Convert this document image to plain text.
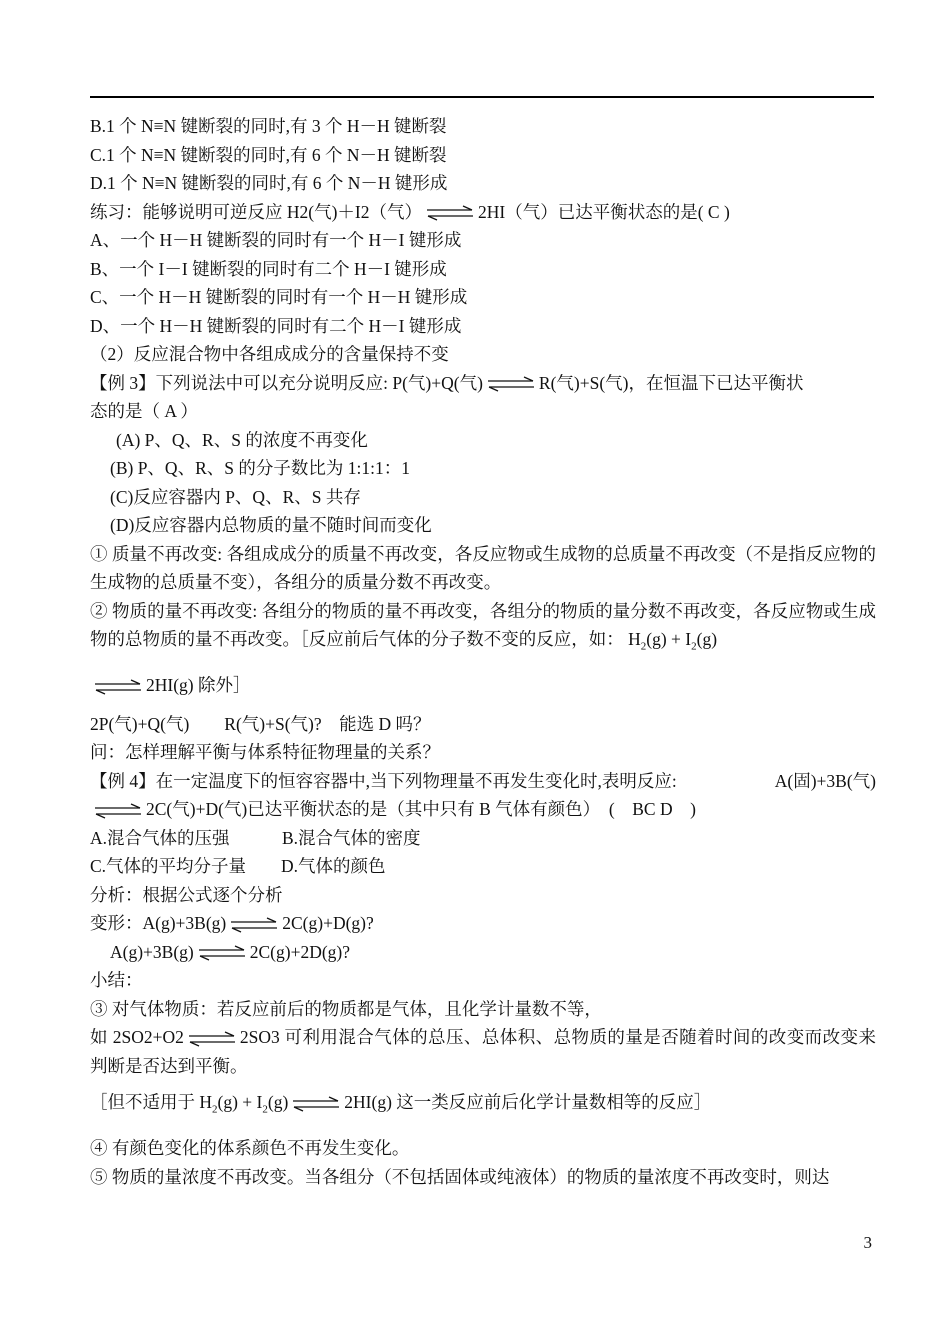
B.1 个 N≡N 键断裂的同时,有 3 个 H－H 键断裂
C.1 个 N≡N 键断裂的同时,有 6 个 N－H 键断裂
D.1 个 N≡N 键断裂的同时,有 6 个 N－H 键形成
练习：能够说明可逆反应 H2(气)＋I2（气）	2HI（气）已达平衡状态的是( C )
A、一个 H－H 键断裂的同时有一个 H－I 键形成
B、一个 I－I 键断裂的同时有二个 H－I 键形成
C、一个 H－H 键断裂的同时有一个 H－H 键形成
D、一个 H－H 键断裂的同时有二个 H－I 键形成
（2）反应混合物中各组成成分的含量保持不变
【例 3】下列说法中可以充分说明反应: P(气)+Q(气)	R(气)+S(气)，在恒温下已达平衡状
态的是（ A ）
(A) P、Q、R、S 的浓度不再变化
(B) P、Q、R、S 的分子数比为 1:1:1：1
(C)反应容器内 P、Q、R、S 共存
(D)反应容器内总物质的量不随时间而变化
① 质量不再改变: 各组成成分的质量不再改变，各反应物或生成物的总质量不再改变（不是指反应物的生成物的总质量不变），各组分的质量分数不再改变。
② 物质的量不再改变: 各组分的物质的量不再改变，各组分的物质的量分数不再改变，各反应物或生成物的总物质的量不再改变。［反应前后气体的分子数不变的反应，如： $H_2(g) + I_2(g)$
2HI(g) 除外］
2P(气)+Q(气)　　R(气)+S(气)?　能选 D 吗？
问：怎样理解平衡与体系特征物理量的关系？
【例 4】在一定温度下的恒容容器中,当下列物理量不再发生变化时,表明反应:	A(固)+3B(气)
2C(气)+D(气)已达平衡状态的是（其中只有 B 气体有颜色）　(　BC D　)
A.混合气体的压强　　　B.混合气体的密度
C.气体的平均分子量　　D.气体的颜色
分析：根据公式逐个分析
变形：A(g)+3B(g)	2C(g)+D(g)?
A(g)+3B(g)	2C(g)+2D(g)?
小结：
③ 对气体物质：若反应前后的物质都是气体，且化学计量数不等，
如 2SO2+O2	2SO3 可利用混合气体的总压、总体积、总物质的量是否随着时间的改变而改变来判断是否达到平衡。
［但不适用于 $H_2(g) + I_2(g)$	2HI(g) 这一类反应前后化学计量数相等的反应］
④ 有颜色变化的体系颜色不再发生变化。
⑤ 物质的量浓度不再改变。当各组分（不包括固体或纯液体）的物质的量浓度不再改变时，则达
3
